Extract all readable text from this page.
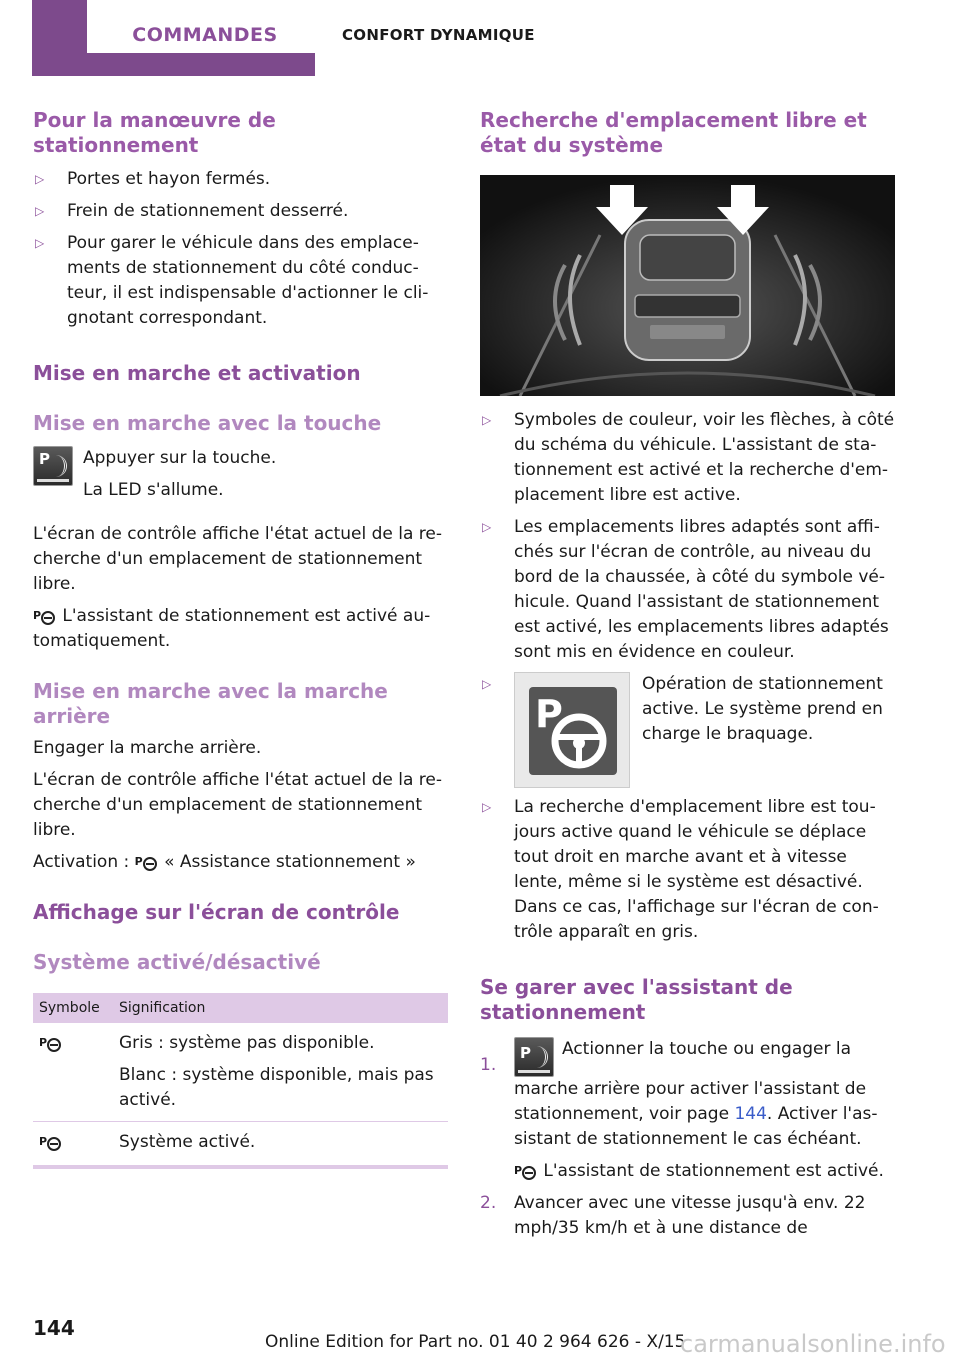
COMMANDES	CONFORT DYNAMIQUE
Pour la manœuvre de stationnement
▷ Portes et hayon fermés.
▷ Frein de stationnement desserré.
▷ Pour garer le véhicule dans des emplace-ments de stationnement du côté conduc-teur, il est indispensable d'actionner le cli-gnotant correspondant.
Mise en marche et activation
Mise en marche avec la touche
P Appuyer sur la touche.

La LED s'allume.

L'écran de contrôle affiche l'état actuel de la re-cherche d'un emplacement de stationnement libre.

P L'assistant de stationnement est activé au-tomatiquement.

Mise en marche avec la marche arrière

Engager la marche arrière.

L'écran de contrôle affiche l'état actuel de la re-cherche d'un emplacement de stationnement libre.

Activation : P « Assistance stationnement »

Affichage sur l'écran de contrôle
Système activé/désactivé
Symbole	Signification

P	Gris : système pas disponible.

Blanc : système disponible, mais pas activé.

P	Système activé.
Recherche d'emplacement libre et état du système
▷ Symboles de couleur, voir les flèches, à côté du schéma du véhicule. L'assistant de sta-tionnement est activé et la recherche d'em-placement libre est active.
▷ Les emplacements libres adaptés sont affi-chés sur l'écran de contrôle, au niveau du bord de la chaussée, à côté du symbole vé-hicule. Quand l'assistant de stationnement est activé, les emplacements libres adaptés sont mis en évidence en couleur.
▷
P
Opération de stationnement active. Le système prend en charge le braquage.
▷ La recherche d'emplacement libre est tou-jours active quand le véhicule se déplace tout droit en marche avant et à vitesse lente, même si le système est désactivé. Dans ce cas, l'affichage sur l'écran de con-trôle apparaît en gris.
Se garer avec l'assistant de stationnement
1.
P Actionner la touche ou engager la marche arrière pour activer l'assistant de stationnement, voir page 144. Activer l'as-sistant de stationnement le cas échéant.

P L'assistant de stationnement est activé.

2. Avancer avec une vitesse jusqu'à env. 22 mph/35 km/h et à une distance de
144
Online Edition for Part no. 01 40 2 964 626 - X/15
carmanualsonline.info
